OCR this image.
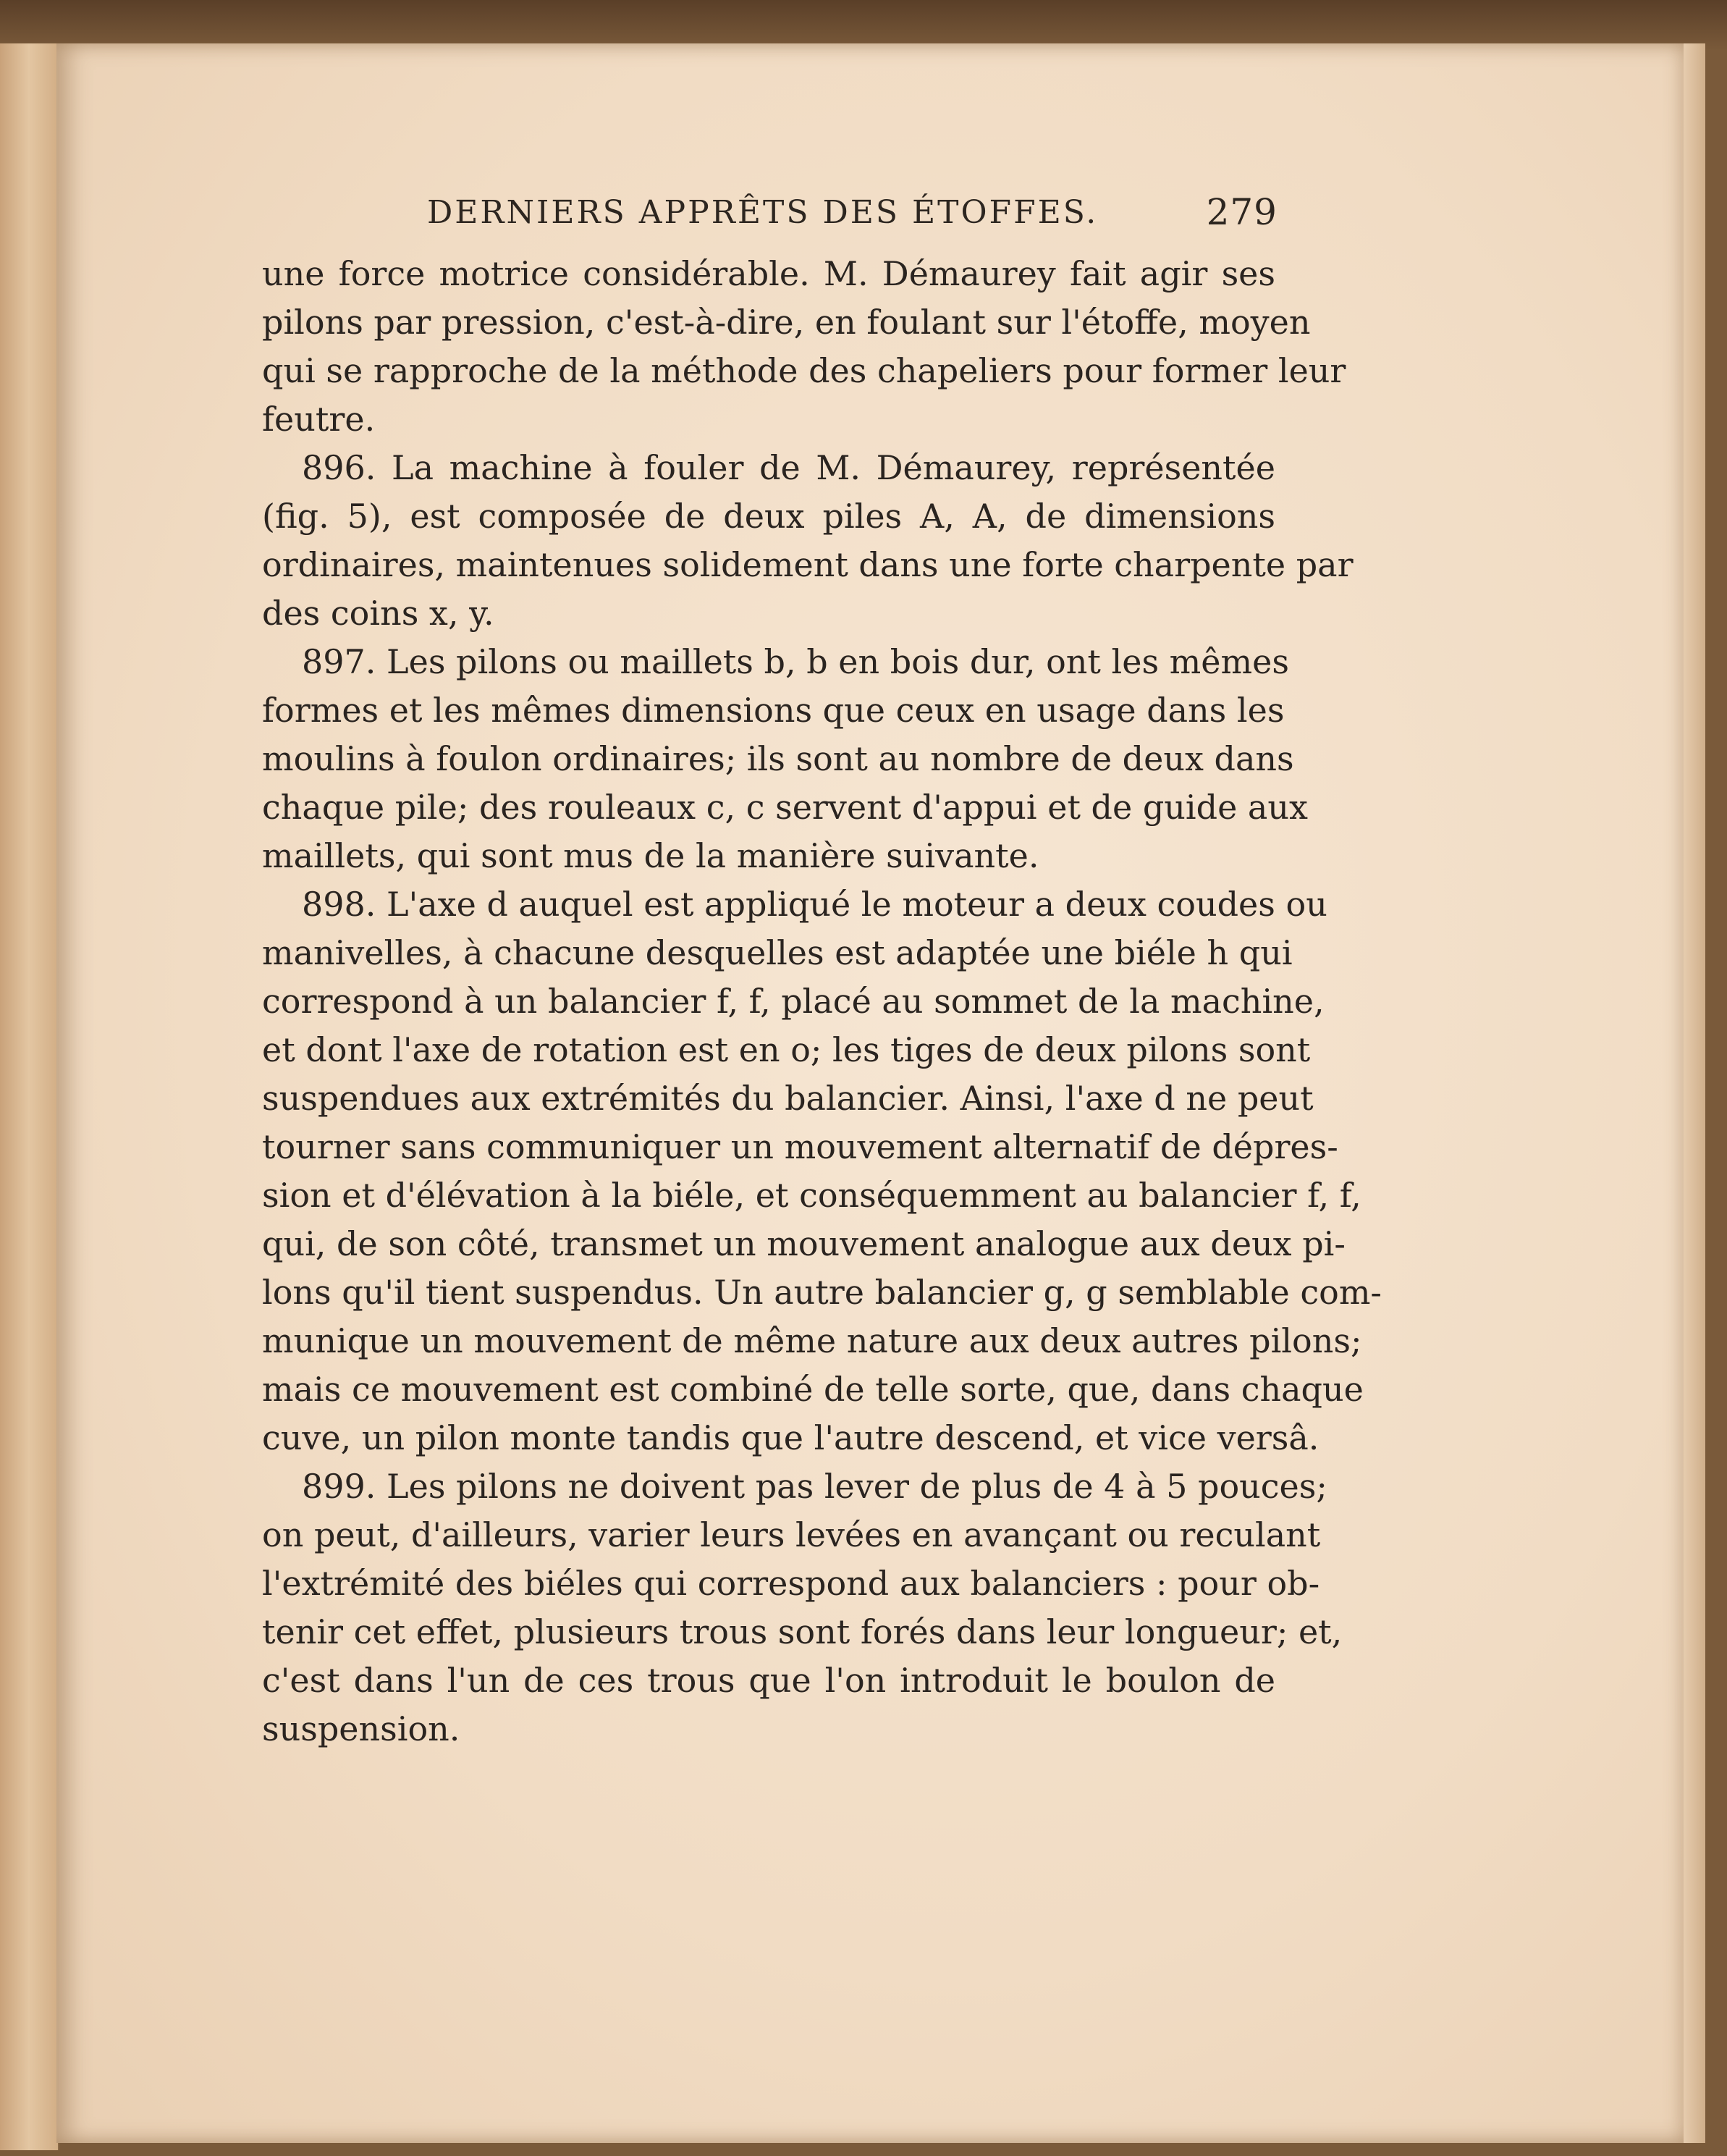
DERNIERS APPRÊTS DES ÉTOFFES.	279
une force motrice considérable. M. Démaurey fait agir ses
pilons par pression, c'est-à-dire, en foulant sur l'étoffe, moyen
qui se rapproche de la méthode des chapeliers pour former leur
feutre.
896. La machine à fouler de M. Démaurey, représentée
(fig. 5), est composée de deux piles A, A, de dimensions
ordinaires, maintenues solidement dans une forte charpente par
des coins x, y.
897. Les pilons ou maillets b, b en bois dur, ont les mêmes
formes et les mêmes dimensions que ceux en usage dans les
moulins à foulon ordinaires; ils sont au nombre de deux dans
chaque pile; des rouleaux c, c servent d'appui et de guide aux
maillets, qui sont mus de la manière suivante.
898. L'axe d auquel est appliqué le moteur a deux coudes ou
manivelles, à chacune desquelles est adaptée une biéle h qui
correspond à un balancier f, f, placé au sommet de la machine,
et dont l'axe de rotation est en o; les tiges de deux pilons sont
suspendues aux extrémités du balancier. Ainsi, l'axe d ne peut
tourner sans communiquer un mouvement alternatif de dépres-
sion et d'élévation à la biéle, et conséquemment au balancier f, f,
qui, de son côté, transmet un mouvement analogue aux deux pi-
lons qu'il tient suspendus. Un autre balancier g, g semblable com-
munique un mouvement de même nature aux deux autres pilons;
mais ce mouvement est combiné de telle sorte, que, dans chaque
cuve, un pilon monte tandis que l'autre descend, et vice versâ.
899. Les pilons ne doivent pas lever de plus de 4 à 5 pouces;
on peut, d'ailleurs, varier leurs levées en avançant ou reculant
l'extrémité des biéles qui correspond aux balanciers : pour ob-
tenir cet effet, plusieurs trous sont forés dans leur longueur; et,
c'est dans l'un de ces trous que l'on introduit le boulon de
suspension.
